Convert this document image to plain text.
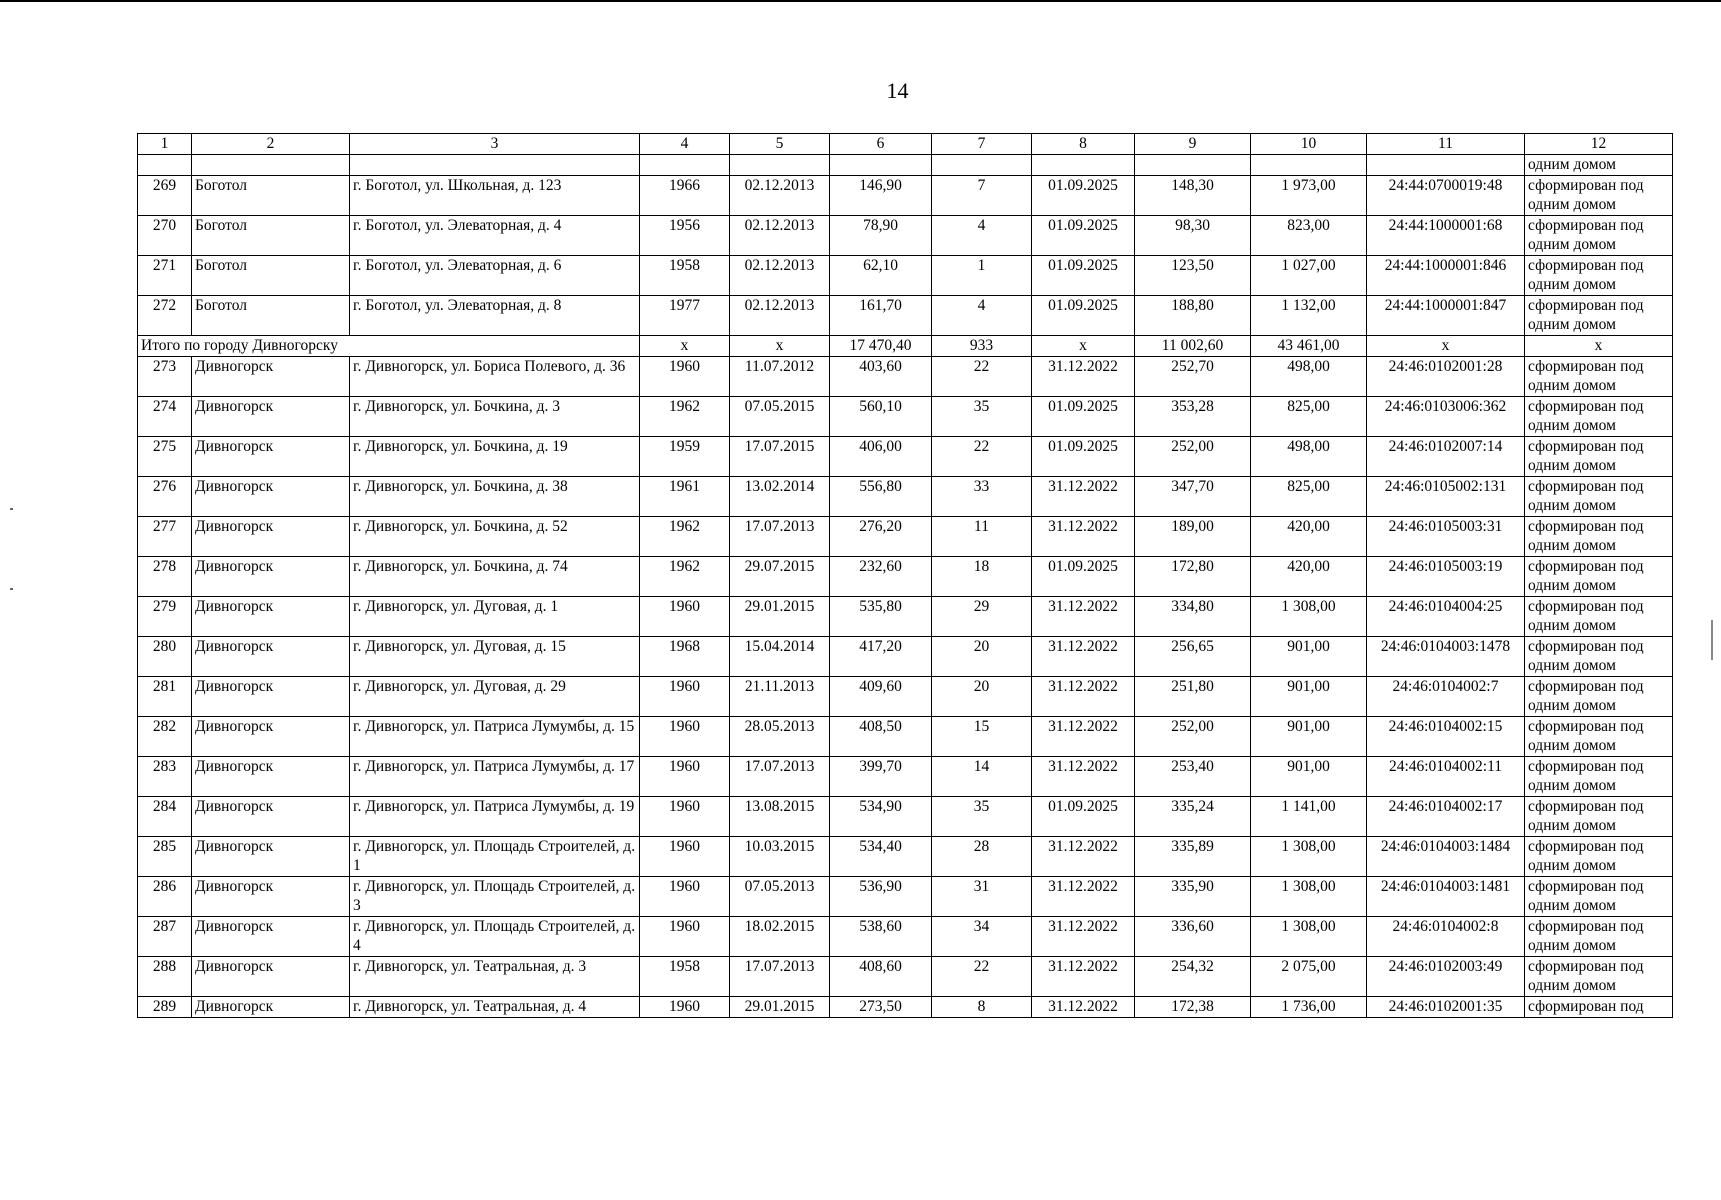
14
1	2	3	4	5	6	7	8	9	10	11	12
											одним домом
269	Боготол	г. Боготол, ул. Школьная, д. 123	1966	02.12.2013	146,90	7	01.09.2025	148,30	1 973,00	24:44:0700019:48	сформирован под одним домом
270	Боготол	г. Боготол, ул. Элеваторная, д. 4	1956	02.12.2013	78,90	4	01.09.2025	98,30	823,00	24:44:1000001:68	сформирован под одним домом
271	Боготол	г. Боготол, ул. Элеваторная, д. 6	1958	02.12.2013	62,10	1	01.09.2025	123,50	1 027,00	24:44:1000001:846	сформирован под одним домом
272	Боготол	г. Боготол, ул. Элеваторная, д. 8	1977	02.12.2013	161,70	4	01.09.2025	188,80	1 132,00	24:44:1000001:847	сформирован под одним домом
Итого по городу Дивногорску			х	х	17 470,40	933	х	11 002,60	43 461,00	х	х
273	Дивногорск	г. Дивногорск, ул. Бориса Полевого, д. 36	1960	11.07.2012	403,60	22	31.12.2022	252,70	498,00	24:46:0102001:28	сформирован под одним домом
274	Дивногорск	г. Дивногорск, ул. Бочкина, д. 3	1962	07.05.2015	560,10	35	01.09.2025	353,28	825,00	24:46:0103006:362	сформирован под одним домом
275	Дивногорск	г. Дивногорск, ул. Бочкина, д. 19	1959	17.07.2015	406,00	22	01.09.2025	252,00	498,00	24:46:0102007:14	сформирован под одним домом
276	Дивногорск	г. Дивногорск, ул. Бочкина, д. 38	1961	13.02.2014	556,80	33	31.12.2022	347,70	825,00	24:46:0105002:131	сформирован под одним домом
277	Дивногорск	г. Дивногорск, ул. Бочкина, д. 52	1962	17.07.2013	276,20	11	31.12.2022	189,00	420,00	24:46:0105003:31	сформирован под одним домом
278	Дивногорск	г. Дивногорск, ул. Бочкина, д. 74	1962	29.07.2015	232,60	18	01.09.2025	172,80	420,00	24:46:0105003:19	сформирован под одним домом
279	Дивногорск	г. Дивногорск, ул. Дуговая, д. 1	1960	29.01.2015	535,80	29	31.12.2022	334,80	1 308,00	24:46:0104004:25	сформирован под одним домом
280	Дивногорск	г. Дивногорск, ул. Дуговая, д. 15	1968	15.04.2014	417,20	20	31.12.2022	256,65	901,00	24:46:0104003:1478	сформирован под одним домом
281	Дивногорск	г. Дивногорск, ул. Дуговая, д. 29	1960	21.11.2013	409,60	20	31.12.2022	251,80	901,00	24:46:0104002:7	сформирован под одним домом
282	Дивногорск	г. Дивногорск, ул. Патриса Лумумбы, д. 15	1960	28.05.2013	408,50	15	31.12.2022	252,00	901,00	24:46:0104002:15	сформирован под одним домом
283	Дивногорск	г. Дивногорск, ул. Патриса Лумумбы, д. 17	1960	17.07.2013	399,70	14	31.12.2022	253,40	901,00	24:46:0104002:11	сформирован под одним домом
284	Дивногорск	г. Дивногорск, ул. Патриса Лумумбы, д. 19	1960	13.08.2015	534,90	35	01.09.2025	335,24	1 141,00	24:46:0104002:17	сформирован под одним домом
285	Дивногорск	г. Дивногорск, ул. Площадь Строителей, д. 1	1960	10.03.2015	534,40	28	31.12.2022	335,89	1 308,00	24:46:0104003:1484	сформирован под одним домом
286	Дивногорск	г. Дивногорск, ул. Площадь Строителей, д. 3	1960	07.05.2013	536,90	31	31.12.2022	335,90	1 308,00	24:46:0104003:1481	сформирован под одним домом
287	Дивногорск	г. Дивногорск, ул. Площадь Строителей, д. 4	1960	18.02.2015	538,60	34	31.12.2022	336,60	1 308,00	24:46:0104002:8	сформирован под одним домом
288	Дивногорск	г. Дивногорск, ул. Театральная, д. 3	1958	17.07.2013	408,60	22	31.12.2022	254,32	2 075,00	24:46:0102003:49	сформирован под одним домом
289	Дивногорск	г. Дивногорск, ул. Театральная, д. 4	1960	29.01.2015	273,50	8	31.12.2022	172,38	1 736,00	24:46:0102001:35	сформирован под
